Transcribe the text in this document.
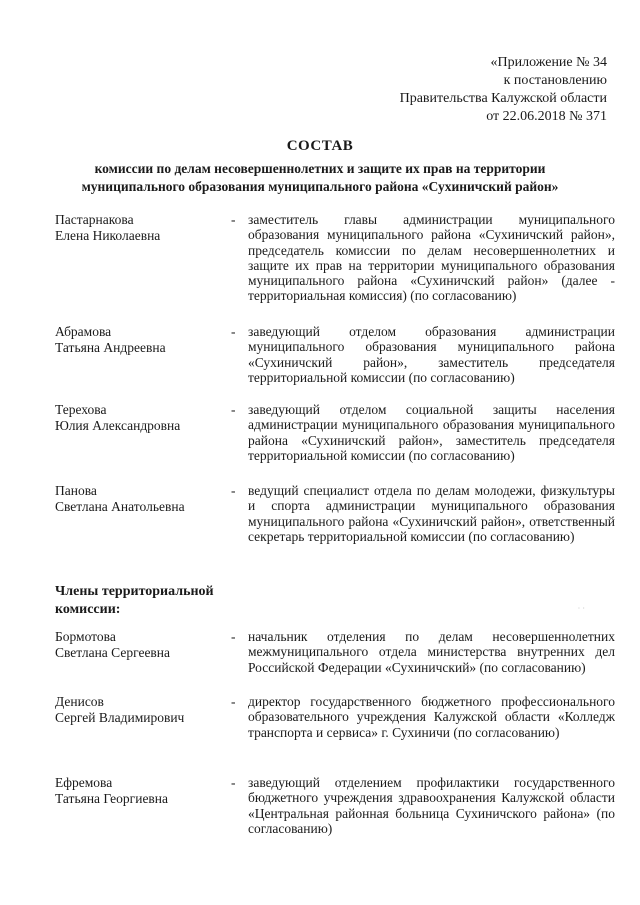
«Приложение № 34
к постановлению
Правительства Калужской области
от 22.06.2018 № 371
СОСТАВ
комиссии по делам несовершеннолетних и защите их прав на территории
муниципального образования муниципального района «Сухиничский район»
Пастарнакова
Елена Николаевна
- заместитель главы администрации муниципального образования муниципального района «Сухиничский район», председатель комиссии по делам несовершеннолетних и защите их прав на территории муниципального образования муниципального района «Сухиничский район» (далее - территориальная комиссия) (по согласованию)
Абрамова
Татьяна Андреевна
- заведующий отделом образования администрации муниципального образования муниципального района «Сухиничский район», заместитель председателя территориальной комиссии (по согласованию)
Терехова
Юлия Александровна
- заведующий отделом социальной защиты населения администрации муниципального образования муниципального района «Сухиничский район», заместитель председателя территориальной комиссии (по согласованию)
Панова
Светлана Анатольевна
- ведущий специалист отдела по делам молодежи, физкультуры и спорта администрации муниципального образования муниципального района «Сухиничский район», ответственный секретарь территориальной комиссии (по согласованию)
Члены территориальной
комиссии:	· ·
Бормотова
Светлана Сергеевна
- начальник отделения по делам несовершеннолетних межмуниципального отдела министерства внутренних дел Российской Федерации «Сухиничский» (по согласованию)
Денисов
Сергей Владимирович
- директор государственного бюджетного профессионального образовательного учреждения Калужской области «Колледж транспорта и сервиса» г. Сухиничи (по согласованию)
Ефремова
Татьяна Георгиевна
- заведующий отделением профилактики государственного бюджетного учреждения здравоохранения Калужской области «Центральная районная больница Сухиничского района» (по согласованию)
